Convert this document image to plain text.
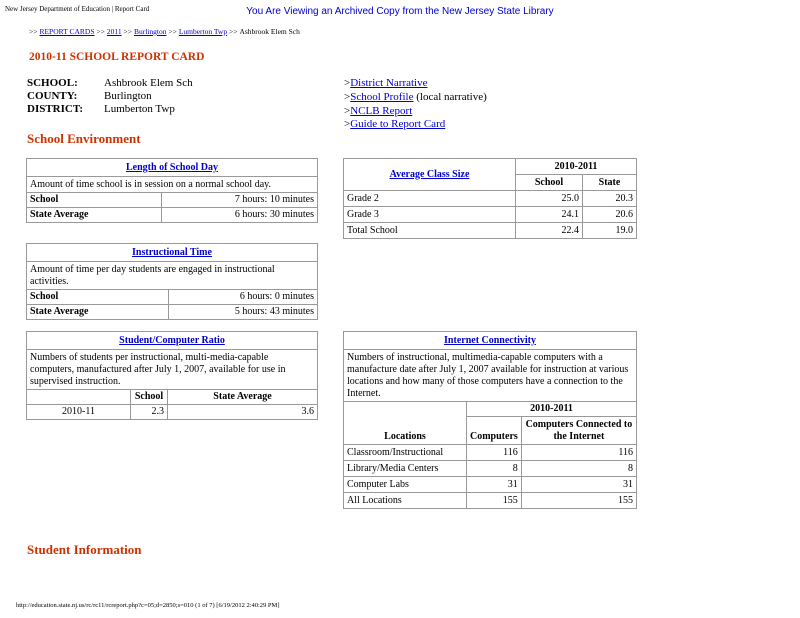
New Jersey Department of Education | Report Card	You Are Viewing an Archived Copy from the New Jersey State Library
>> REPORT CARDS >> 2011 >> Burlington >> Lumberton Twp >> Ashbrook Elem Sch
2010-11 SCHOOL REPORT CARD
SCHOOL: Ashbrook Elem Sch
COUNTY: Burlington
DISTRICT: Lumberton Twp
>District Narrative
>School Profile (local narrative)
>NCLB Report
>Guide to Report Card
School Environment
Length of School Day	
Amount of time school is in session on a normal school day.	
School	7 hours: 10 minutes
State Average	6 hours: 30 minutes
Instructional Time	
Amount of time per day students are engaged in instructional activities.	
School	6 hours: 0 minutes
State Average	5 hours: 43 minutes
Average Class Size	2010-2011	
	School	State
Grade 2	25.0	20.3
Grade 3	24.1	20.6
Total School	22.4	19.0
Student/Computer Ratio		
Numbers of students per instructional, multi-media-capable computers, manufactured after July 1, 2007, available for use in supervised instruction.		
	School	State Average
2010-11	2.3	3.6
Internet Connectivity		
Numbers of instructional, multimedia-capable computers with a manufacture date after July 1, 2007 available for instruction at various locations and how many of those computers have a connection to the Internet.		
Locations	2010-2011	
	Computers	Computers Connected to the Internet
Classroom/Instructional	116	116
Library/Media Centers	8	8
Computer Labs	31	31
All Locations	155	155
Student Information
http://education.state.nj.us/rc/rc11/rcreport.php?c=05;d=2850;s=010 (1 of 7) [6/19/2012 2:40:29 PM]
